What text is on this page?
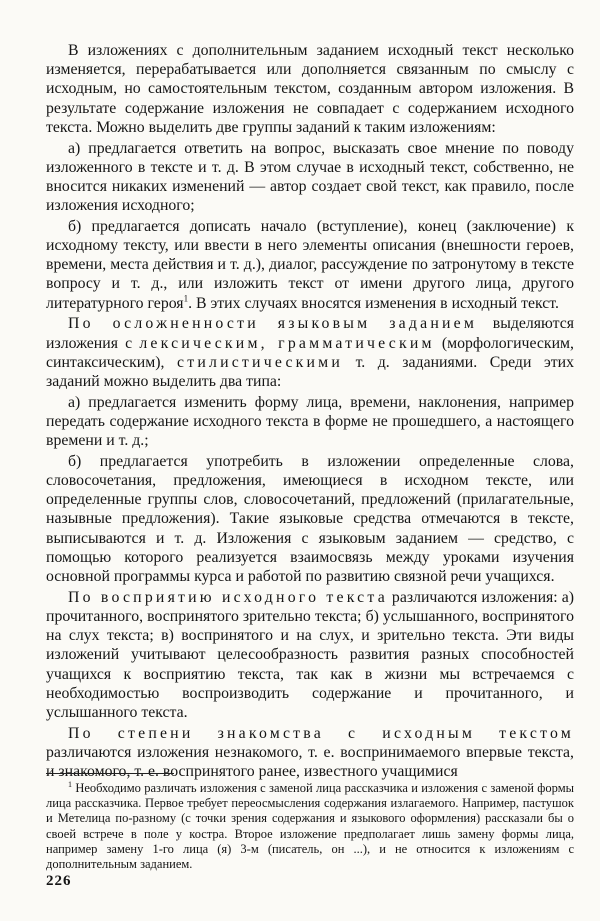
В изложениях с дополнительным заданием исходный текст несколько изменяется, перерабатывается или дополняется связанным по смыслу с исходным, но самостоятельным текстом, созданным автором изложения. В результате содержание изложения не совпадает с содержанием исходного текста. Можно выделить две группы заданий к таким изложениям:

а) предлагается ответить на вопрос, высказать свое мнение по поводу изложенного в тексте и т. д. В этом случае в исходный текст, собственно, не вносится никаких изменений — автор создает свой текст, как правило, после изложения исходного;

б) предлагается дописать начало (вступление), конец (заключение) к исходному тексту, или ввести в него элементы описания (внешности героев, времени, места действия и т. д.), диалог, рассуждение по затронутому в тексте вопросу и т. д., или изложить текст от имени другого лица, другого литературного героя$^1$. В этих случаях вносятся изменения в исходный текст.

По осложненности языковым заданием выделяются изложения с лексическим, грамматическим (морфологическим, синтаксическим), стилистическими т. д. заданиями. Среди этих заданий можно выделить два типа:

а) предлагается изменить форму лица, времени, наклонения, например передать содержание исходного текста в форме не прошедшего, а настоящего времени и т. д.;

б) предлагается употребить в изложении определенные слова, словосочетания, предложения, имеющиеся в исходном тексте, или определенные группы слов, словосочетаний, предложений (прилагательные, назывные предложения). Такие языковые средства отмечаются в тексте, выписываются и т. д. Изложения с языковым заданием — средство, с помощью которого реализуется взаимосвязь между уроками изучения основной программы курса и работой по развитию связной речи учащихся.

По восприятию исходного текста различаются изложения: а) прочитанного, воспринятого зрительно текста; б) услышанного, воспринятого на слух текста; в) воспринятого и на слух, и зрительно текста. Эти виды изложений учитывают целесообразность развития разных способностей учащихся к восприятию текста, так как в жизни мы встречаемся с необходимостью воспроизводить содержание и прочитанного, и услышанного текста.

По степени знакомства с исходным текстом различаются изложения незнакомого, т. е. воспринимаемого впервые текста, и знакомого, т. е. воспринятого ранее, известного учащимися

$^1$ Необходимо различать изложения с заменой лица рассказчика и изложения с заменой формы лица рассказчика. Первое требует переосмысления содержания излагаемого. Например, пастушок и Метелица по-разному (с точки зрения содержания и языкового оформления) рассказали бы о своей встрече в поле у костра. Второе изложение предполагает лишь замену формы лица, например замену 1-го лица (я) 3-м (писатель, он ...), и не относится к изложениям с дополнительным заданием.

226
